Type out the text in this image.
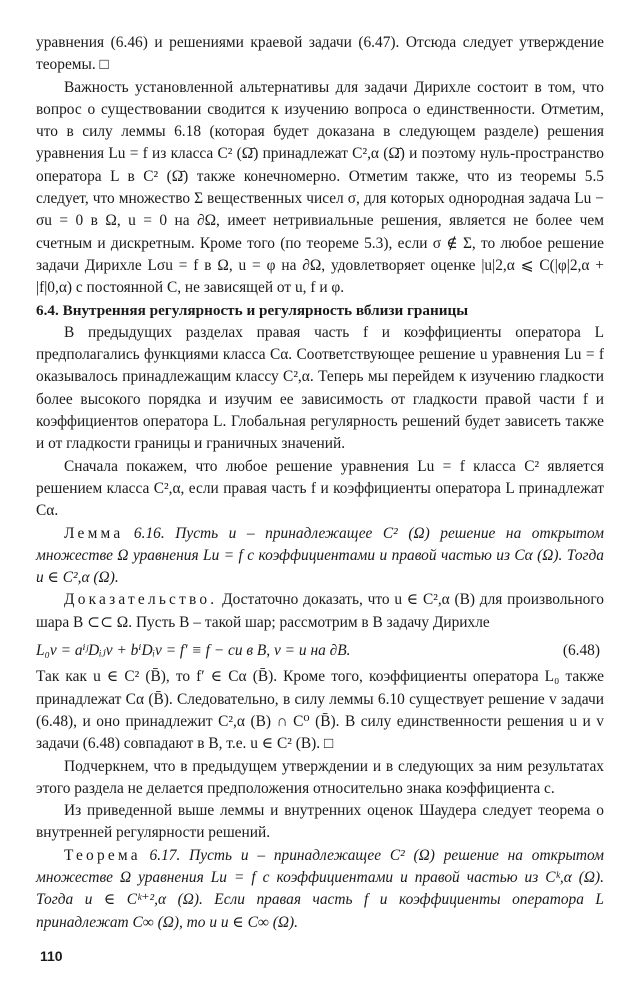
уравнения (6.46) и решениями краевой задачи (6.47). Отсюда следует утверждение теоремы. □

Важность установленной альтернативы для задачи Дирихле состоит в том, что вопрос о существовании сводится к изучению вопроса о единственности. Отметим, что в силу леммы 6.18 (которая будет доказана в следующем разделе) решения уравнения Lu = f из класса C² (Ω̄) принадлежат C²,α (Ω̄) и поэтому нуль-пространство оператора L в C² (Ω̄) также конечномерно. Отметим также, что из теоремы 5.5 следует, что множество Σ вещественных чисел σ, для которых однородная задача Lu − σu = 0 в Ω, u = 0 на ∂Ω, имеет нетривиальные решения, является не более чем счетным и дискретным. Кроме того (по теореме 5.3), если σ ∉ Σ, то любое решение задачи Дирихле Lσu = f в Ω, u = φ на ∂Ω, удовлетворяет оценке |u|2,α ⩽ C(|φ|2,α + |f|0,α) с постоянной C, не зависящей от u, f и φ.

6.4. Внутренняя регулярность и регулярность вблизи границы

В предыдущих разделах правая часть f и коэффициенты оператора L предполагались функциями класса Cα. Соответствующее решение u уравнения Lu = f оказывалось принадлежащим классу C²,α. Теперь мы перейдем к изучению гладкости более высокого порядка и изучим ее зависимость от гладкости правой части f и коэффициентов оператора L. Глобальная регулярность решений будет зависеть также и от гладкости границы и граничных значений.

Сначала покажем, что любое решение уравнения Lu = f класса C² является решением класса C²,α, если правая часть f и коэффициенты оператора L принадлежат Cα.

Лемма 6.16. Пусть u – принадлежащее C² (Ω) решение на открытом множестве Ω уравнения Lu = f с коэффициентами и правой частью из Cα (Ω). Тогда u ∈ C²,α (Ω).

Доказательство. Достаточно доказать, что u ∈ C²,α (B) для произвольного шара B ⊂⊂ Ω. Пусть B – такой шар; рассмотрим в B задачу Дирихле

L₀v = aⁱʲDᵢⱼv + bⁱDᵢv = f′ ≡ f − cu в B, v = u на ∂B.	(6.48)

Так как u ∈ C² (B̄), то f′ ∈ Cα (B̄). Кроме того, коэффициенты оператора L₀ также принадлежат Cα (B̄). Следовательно, в силу леммы 6.10 существует решение v задачи (6.48), и оно принадлежит C²,α (B) ∩ C⁰ (B̄). В силу единственности решения u и v задачи (6.48) совпадают в B, т.е. u ∈ C² (B). □

Подчеркнем, что в предыдущем утверждении и в следующих за ним результатах этого раздела не делается предположения относительно знака коэффициента c.

Из приведенной выше леммы и внутренних оценок Шаудера следует теорема о внутренней регулярности решений.

Теорема 6.17. Пусть u – принадлежащее C² (Ω) решение на открытом множестве Ω уравнения Lu = f с коэффициентами и правой частью из Cᵏ,α (Ω). Тогда u ∈ Cᵏ⁺²,α (Ω). Если правая часть f и коэффициенты оператора L принадлежат C∞ (Ω), то и u ∈ C∞ (Ω).

110
